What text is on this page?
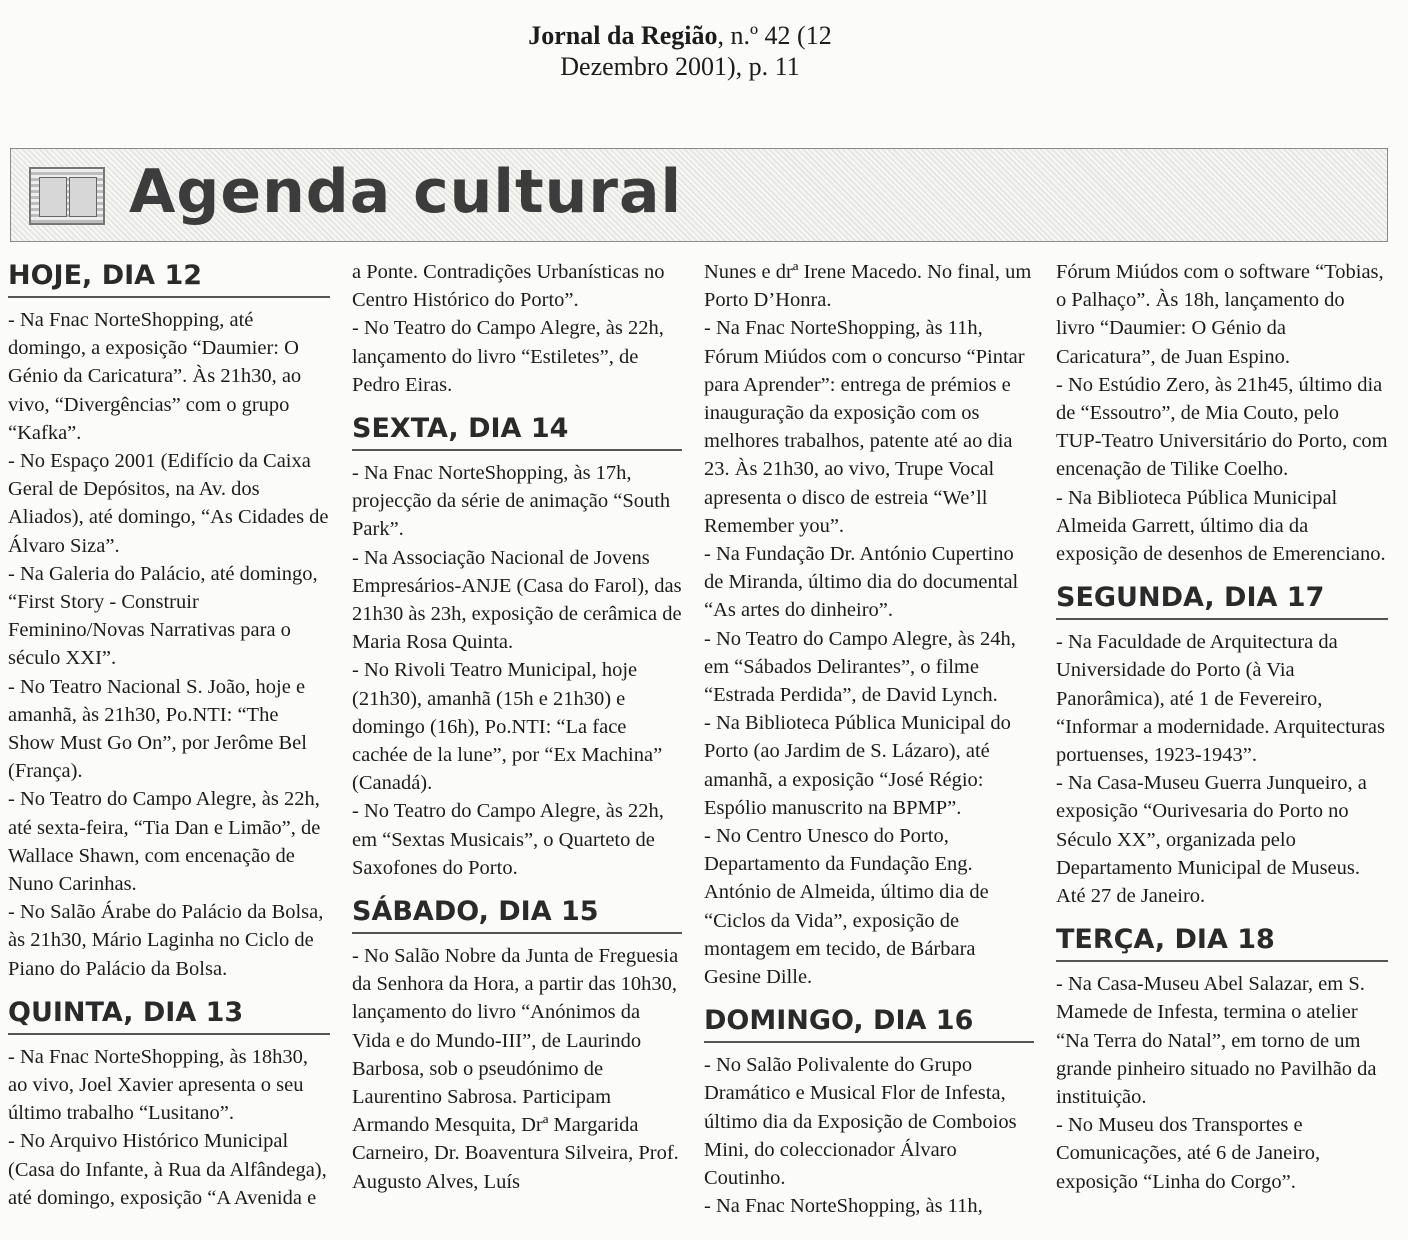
Jornal da Região, n.º 42 (12
Dezembro 2001), p. 11
Agenda cultural
HOJE, DIA 12

- Na Fnac NorteShopping, até domingo, a exposição “Daumier: O Génio da Caricatura”. Às 21h30, ao vivo, “Divergências” com o grupo “Kafka”.

- No Espaço 2001 (Edifício da Caixa Geral de Depósitos, na Av. dos Aliados), até domingo, “As Cidades de Álvaro Siza”.

- Na Galeria do Palácio, até domingo, “First Story - Construir Feminino/Novas Narrativas para o século XXI”.

- No Teatro Nacional S. João, hoje e amanhã, às 21h30, Po.NTI: “The Show Must Go On”, por Jerôme Bel (França).

- No Teatro do Campo Alegre, às 22h, até sexta-feira, “Tia Dan e Limão”, de Wallace Shawn, com encenação de Nuno Carinhas.

- No Salão Árabe do Palácio da Bolsa, às 21h30, Mário Laginha no Ciclo de Piano do Palácio da Bolsa.

QUINTA, DIA 13

- Na Fnac NorteShopping, às 18h30, ao vivo, Joel Xavier apresenta o seu último trabalho “Lusitano”.

- No Arquivo Histórico Municipal (Casa do Infante, à Rua da Alfândega), até domingo, exposição “A Avenida e

a Ponte. Contradições Urbanísticas no Centro Histórico do Porto”.

- No Teatro do Campo Alegre, às 22h, lançamento do livro “Estiletes”, de Pedro Eiras.

SEXTA, DIA 14

- Na Fnac NorteShopping, às 17h, projecção da série de animação “South Park”.

- Na Associação Nacional de Jovens Empresários-ANJE (Casa do Farol), das 21h30 às 23h, exposição de cerâmica de Maria Rosa Quinta.

- No Rivoli Teatro Municipal, hoje (21h30), amanhã (15h e 21h30) e domingo (16h), Po.NTI: “La face cachée de la lune”, por “Ex Machina” (Canadá).

- No Teatro do Campo Alegre, às 22h, em “Sextas Musicais”, o Quarteto de Saxofones do Porto.

SÁBADO, DIA 15

- No Salão Nobre da Junta de Freguesia da Senhora da Hora, a partir das 10h30, lançamento do livro “Anónimos da Vida e do Mundo-III”, de Laurindo Barbosa, sob o pseudónimo de Laurentino Sabrosa. Participam Armando Mesquita, Drª Margarida Carneiro, Dr. Boaventura Silveira, Prof. Augusto Alves, Luís

Nunes e drª Irene Macedo. No final, um Porto D’Honra.

- Na Fnac NorteShopping, às 11h, Fórum Miúdos com o concurso “Pintar para Aprender”: entrega de prémios e inauguração da exposição com os melhores trabalhos, patente até ao dia 23. Às 21h30, ao vivo, Trupe Vocal apresenta o disco de estreia “We’ll Remember you”.

- Na Fundação Dr. António Cupertino de Miranda, último dia do documental “As artes do dinheiro”.

- No Teatro do Campo Alegre, às 24h, em “Sábados Delirantes”, o filme “Estrada Perdida”, de David Lynch.

- Na Biblioteca Pública Municipal do Porto (ao Jardim de S. Lázaro), até amanhã, a exposição “José Régio: Espólio manuscrito na BPMP”.

- No Centro Unesco do Porto, Departamento da Fundação Eng. António de Almeida, último dia de “Ciclos da Vida”, exposição de montagem em tecido, de Bárbara Gesine Dille.

DOMINGO, DIA 16

- No Salão Polivalente do Grupo Dramático e Musical Flor de Infesta, último dia da Exposição de Comboios Mini, do coleccionador Álvaro Coutinho.

- Na Fnac NorteShopping, às 11h,

Fórum Miúdos com o software “Tobias, o Palhaço”. Às 18h, lançamento do livro “Daumier: O Génio da Caricatura”, de Juan Espino.

- No Estúdio Zero, às 21h45, último dia de “Essoutro”, de Mia Couto, pelo TUP-Teatro Universitário do Porto, com encenação de Tilike Coelho.

- Na Biblioteca Pública Municipal Almeida Garrett, último dia da exposição de desenhos de Emerenciano.

SEGUNDA, DIA 17

- Na Faculdade de Arquitectura da Universidade do Porto (à Via Panorâmica), até 1 de Fevereiro, “Informar a modernidade. Arquitecturas portuenses, 1923-1943”.

- Na Casa-Museu Guerra Junqueiro, a exposição “Ourivesaria do Porto no Século XX”, organizada pelo Departamento Municipal de Museus. Até 27 de Janeiro.

TERÇA, DIA 18

- Na Casa-Museu Abel Salazar, em S. Mamede de Infesta, termina o atelier “Na Terra do Natal”, em torno de um grande pinheiro situado no Pavilhão da instituição.

- No Museu dos Transportes e Comunicações, até 6 de Janeiro, exposição “Linha do Corgo”.
